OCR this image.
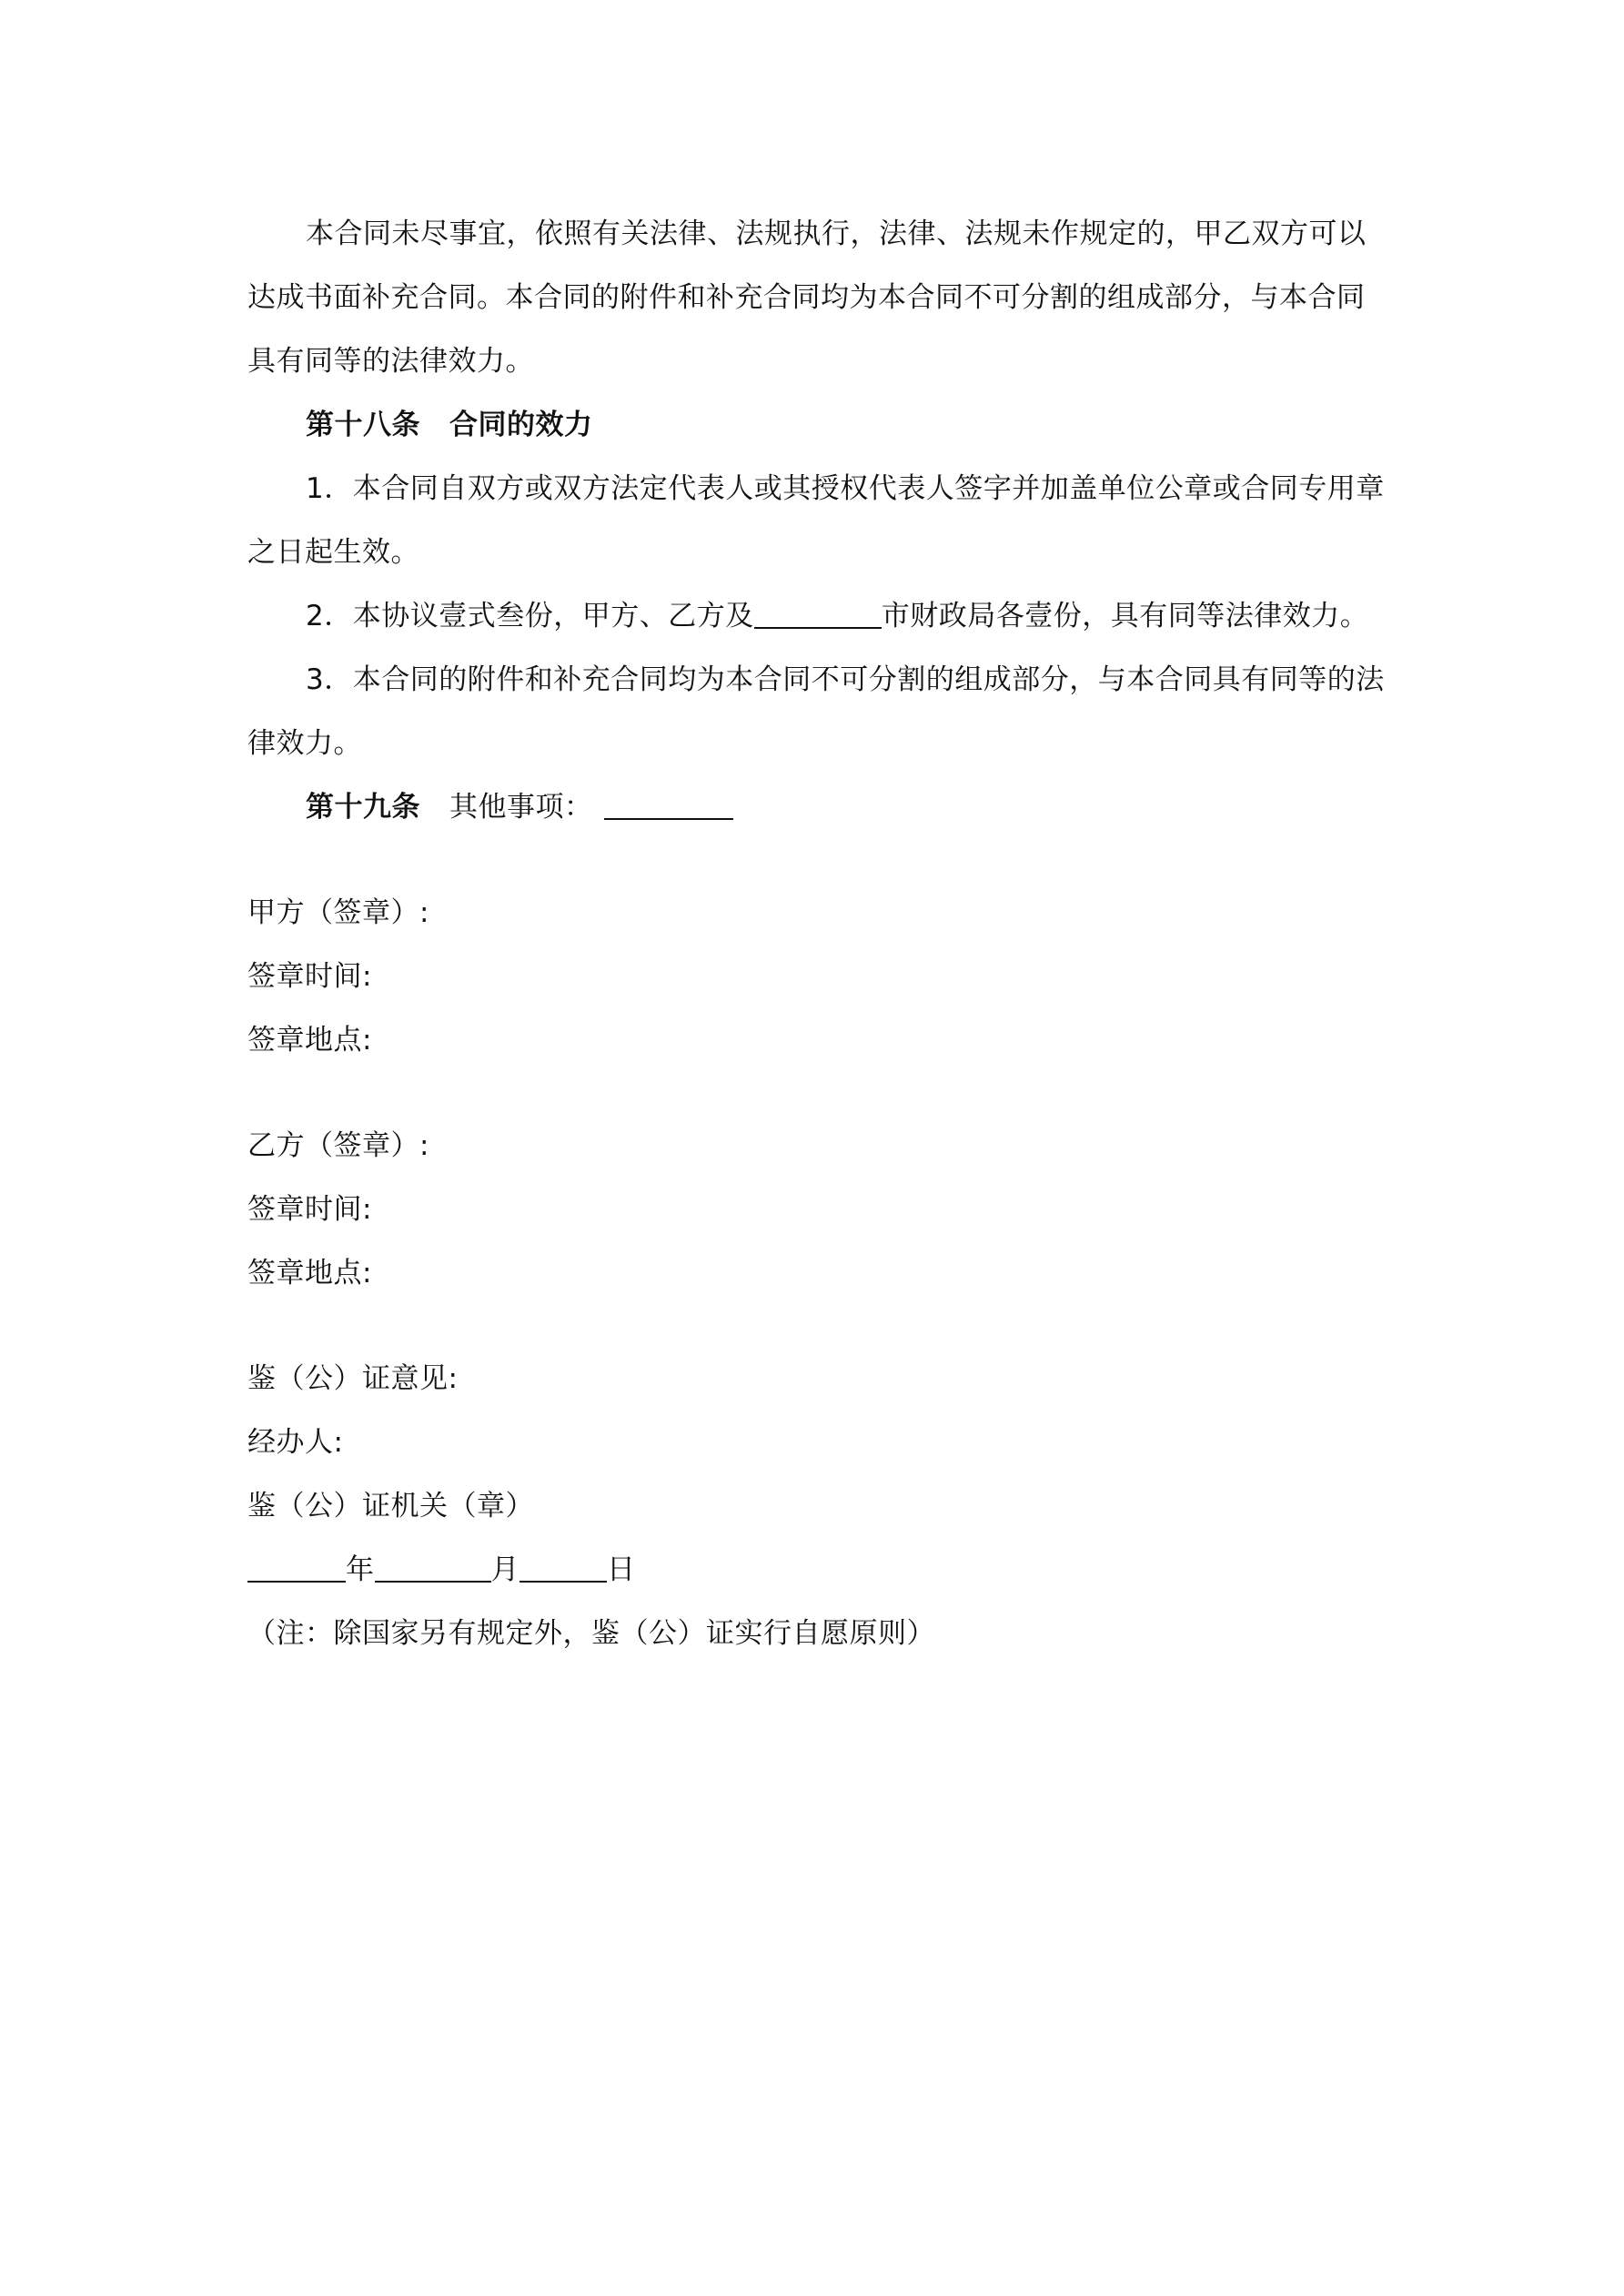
本合同未尽事宜，依照有关法律、法规执行，法律、法规未作规定的，甲乙双方可以

达成书面补充合同。本合同的附件和补充合同均为本合同不可分割的组成部分，与本合同

具有同等的法律效力。

第十八条 合同的效力

1．本合同自双方或双方法定代表人或其授权代表人签字并加盖单位公章或合同专用章

之日起生效。

2．本协议壹式叁份，甲方、乙方及	市财政局各壹份，具有同等法律效力。

3．本合同的附件和补充合同均为本合同不可分割的组成部分，与本合同具有同等的法

律效力。

第十九条 其他事项：

甲方（签章）:

签章时间:

签章地点:

乙方（签章）:

签章时间:

签章地点:

鉴（公）证意见:

经办人:

鉴（公）证机关（章）

年	月	日

（注：除国家另有规定外，鉴（公）证实行自愿原则）
